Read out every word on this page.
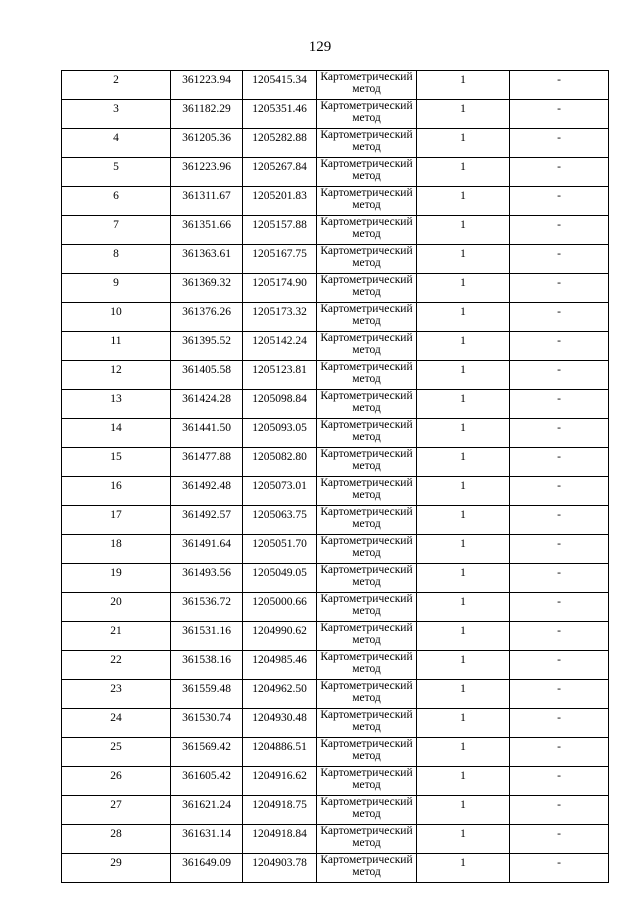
129
2	361223.94	1205415.34	Картометрический метод	1	-
3	361182.29	1205351.46	Картометрический метод	1	-
4	361205.36	1205282.88	Картометрический метод	1	-
5	361223.96	1205267.84	Картометрический метод	1	-
6	361311.67	1205201.83	Картометрический метод	1	-
7	361351.66	1205157.88	Картометрический метод	1	-
8	361363.61	1205167.75	Картометрический метод	1	-
9	361369.32	1205174.90	Картометрический метод	1	-
10	361376.26	1205173.32	Картометрический метод	1	-
11	361395.52	1205142.24	Картометрический метод	1	-
12	361405.58	1205123.81	Картометрический метод	1	-
13	361424.28	1205098.84	Картометрический метод	1	-
14	361441.50	1205093.05	Картометрический метод	1	-
15	361477.88	1205082.80	Картометрический метод	1	-
16	361492.48	1205073.01	Картометрический метод	1	-
17	361492.57	1205063.75	Картометрический метод	1	-
18	361491.64	1205051.70	Картометрический метод	1	-
19	361493.56	1205049.05	Картометрический метод	1	-
20	361536.72	1205000.66	Картометрический метод	1	-
21	361531.16	1204990.62	Картометрический метод	1	-
22	361538.16	1204985.46	Картометрический метод	1	-
23	361559.48	1204962.50	Картометрический метод	1	-
24	361530.74	1204930.48	Картометрический метод	1	-
25	361569.42	1204886.51	Картометрический метод	1	-
26	361605.42	1204916.62	Картометрический метод	1	-
27	361621.24	1204918.75	Картометрический метод	1	-
28	361631.14	1204918.84	Картометрический метод	1	-
29	361649.09	1204903.78	Картометрический метод	1	-
